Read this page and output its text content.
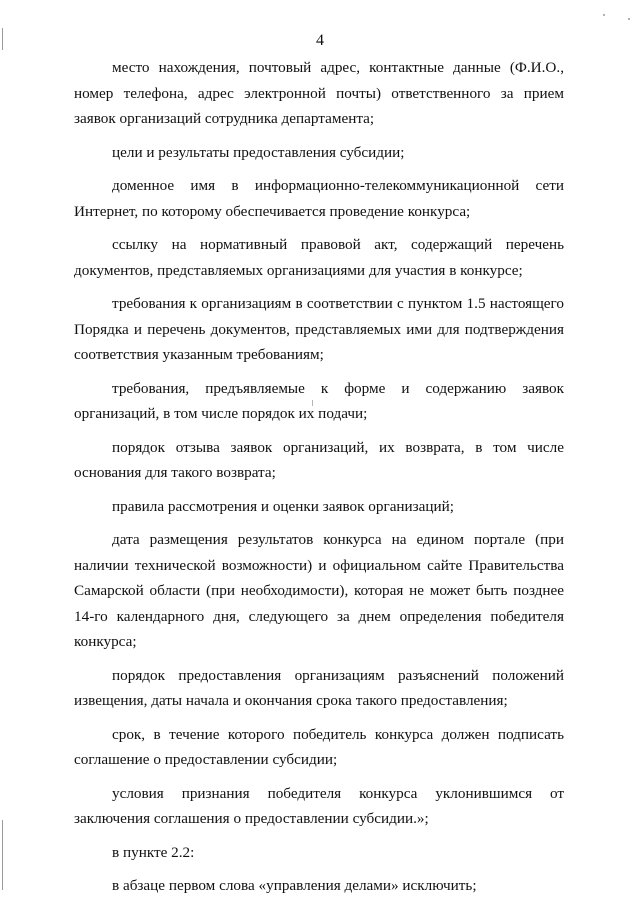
4

место нахождения, почтовый адрес, контактные данные (Ф.И.О., номер телефона, адрес электронной почты) ответственного за прием заявок организаций сотрудника департамента;

цели и результаты предоставления субсидии;

доменное имя в информационно-телекоммуникационной сети Интернет, по которому обеспечивается проведение конкурса;

ссылку на нормативный правовой акт, содержащий перечень документов, представляемых организациями для участия в конкурсе;

требования к организациям в соответствии с пунктом 1.5 настоящего Порядка и перечень документов, представляемых ими для подтверждения соответствия указанным требованиям;

требования, предъявляемые к форме и содержанию заявок организаций, в том числе порядок их подачи;

порядок отзыва заявок организаций, их возврата, в том числе основания для такого возврата;

правила рассмотрения и оценки заявок организаций;

дата размещения результатов конкурса на едином портале (при наличии технической возможности) и официальном сайте Правительства Самарской области (при необходимости), которая не может быть позднее 14-го календарного дня, следующего за днем определения победителя конкурса;

порядок предоставления организациям разъяснений положений извещения, даты начала и окончания срока такого предоставления;

срок, в течение которого победитель конкурса должен подписать соглашение о предоставлении субсидии;

условия признания победителя конкурса уклонившимся от заключения соглашения о предоставлении субсидии.»;

в пункте 2.2:

в абзаце первом слова «управления делами» исключить;
